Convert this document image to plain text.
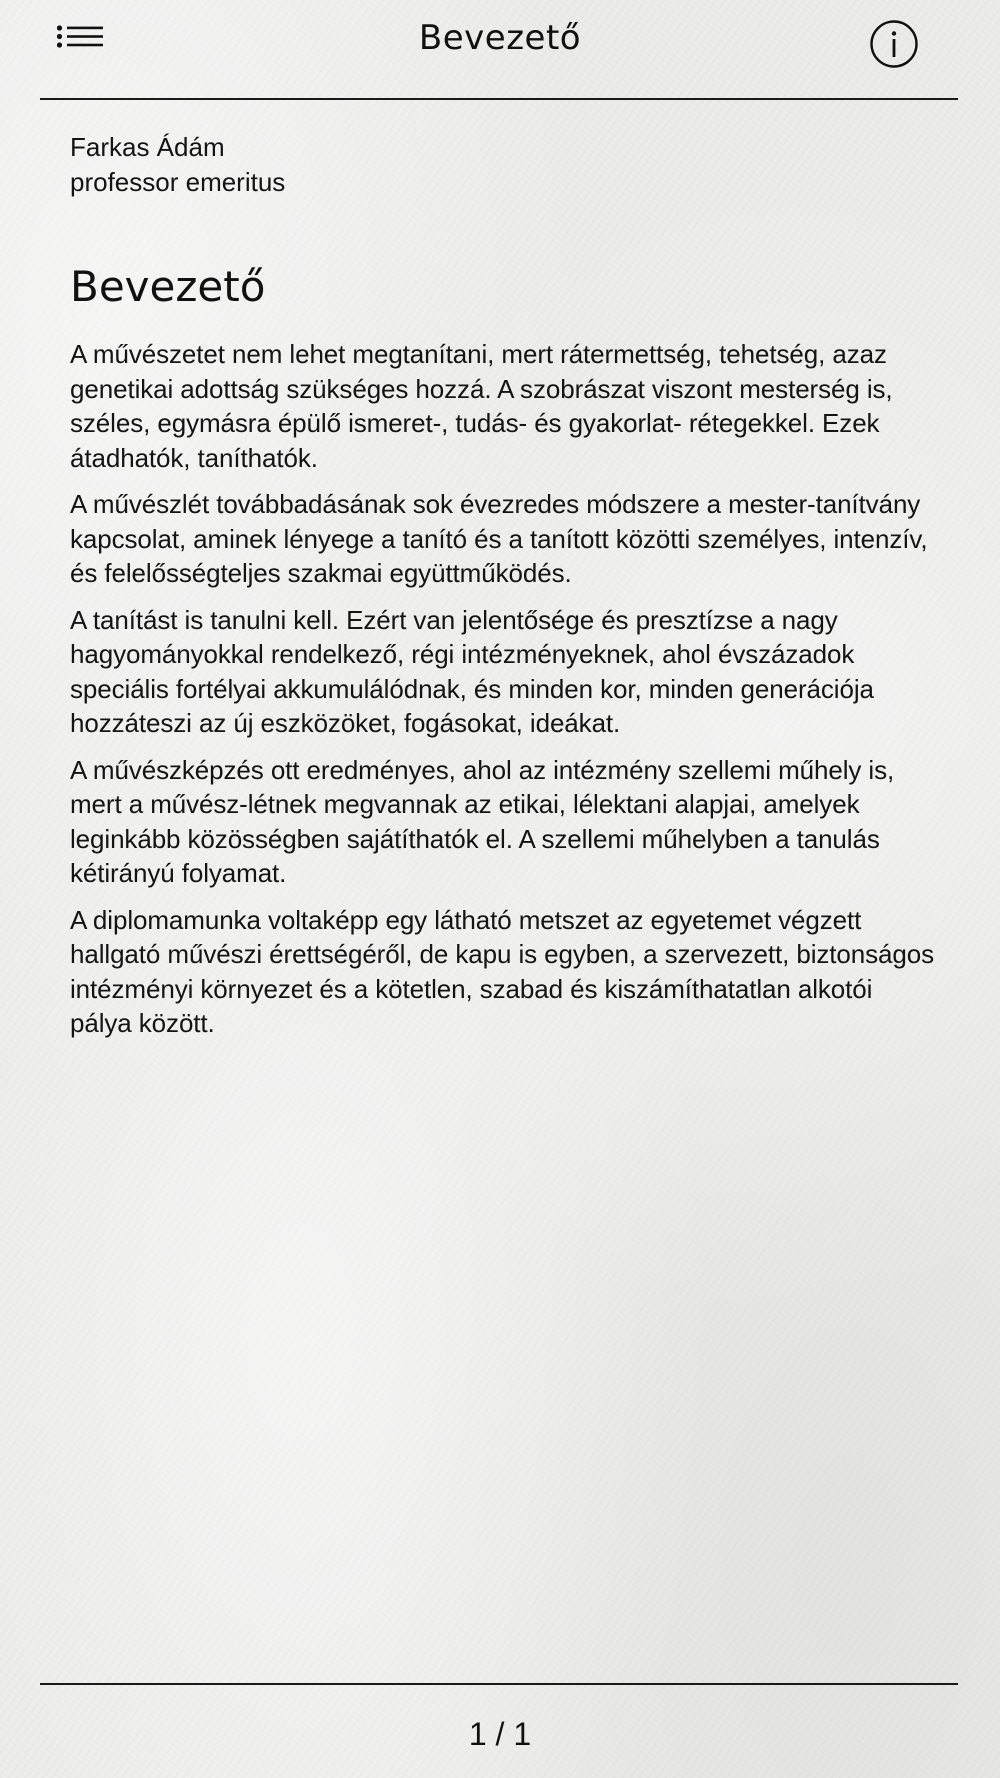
Bevezető

Farkas Ádám

professor emeritus

Bevezető

A művészetet nem lehet megtanítani, mert rátermettség, tehetség, azaz genetikai adottság szükséges hozzá. A szobrászat viszont mesterség is, széles, egymásra épülő ismeret-, tudás- és gyakorlat- rétegekkel. Ezek átadhatók, taníthatók.

A művészlét továbbadásának sok évezredes módszere a mester-tanítvány kapcsolat, aminek lényege a tanító és a tanított közötti személyes, intenzív, és felelősségteljes szakmai együttműködés.

A tanítást is tanulni kell. Ezért van jelentősége és presztízse a nagy hagyományokkal rendelkező, régi intézményeknek, ahol évszázadok speciális fortélyai akkumulálódnak, és minden kor, minden generációja hozzáteszi az új eszközöket, fogásokat, ideákat.

A művészképzés ott eredményes, ahol az intézmény szellemi műhely is, mert a művész-létnek megvannak az etikai, lélektani alapjai, amelyek leginkább közösségben sajátíthatók el. A szellemi műhelyben a tanulás kétirányú folyamat.

A diplomamunka voltaképp egy látható metszet az egyetemet végzett hallgató művészi érettségéről, de kapu is egyben, a szervezett, biztonságos intézményi környezet és a kötetlen, szabad és kiszámíthatatlan alkotói pálya között.

1 / 1
